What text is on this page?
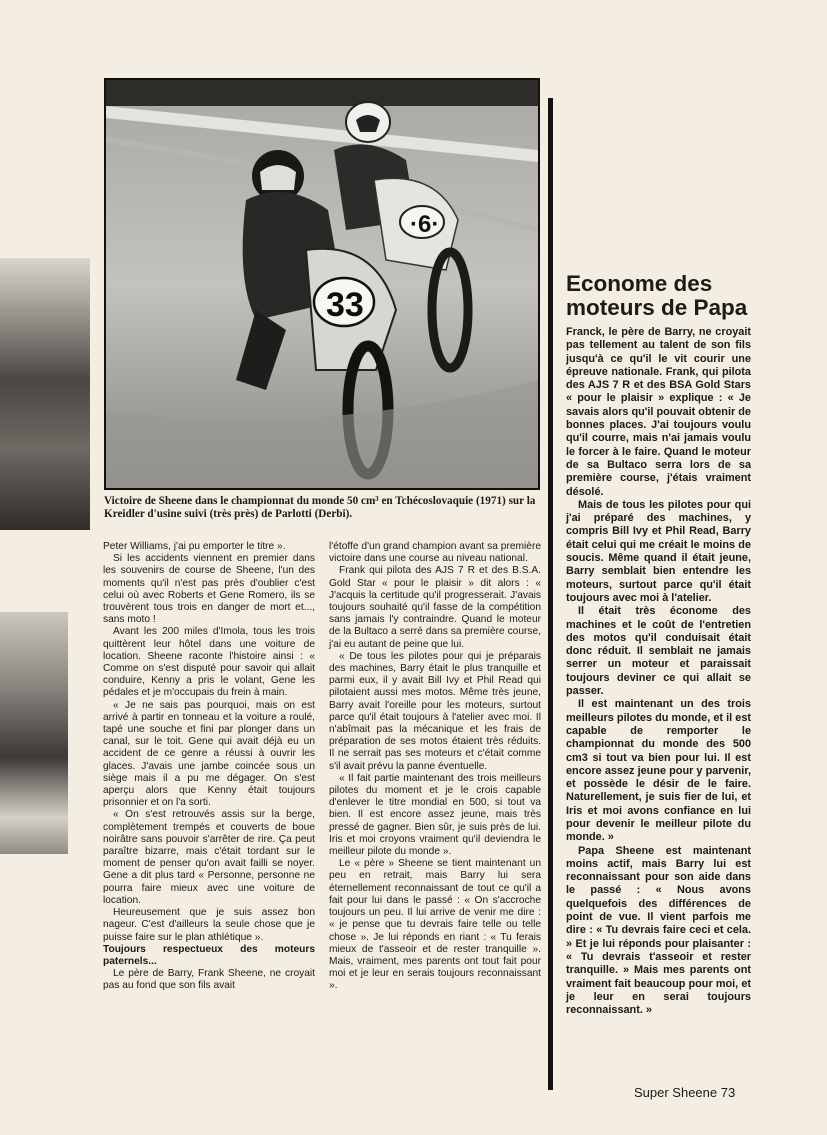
·6·
33

Victoire de Sheene dans le championnat du monde 50 cm³ en Tchécoslovaquie (1971) sur la Kreidler d'usine suivi (très près) de Parlotti (Derbi).

Peter Williams, j'ai pu emporter le titre ».

Si les accidents viennent en premier dans les souvenirs de course de Sheene, l'un des moments qu'il n'est pas près d'oublier c'est celui où avec Roberts et Gene Romero, ils se trouvèrent tous trois en danger de mort et..., sans moto !

Avant les 200 miles d'Imola, tous les trois quittèrent leur hôtel dans une voiture de location. Sheene raconte l'histoire ainsi : « Comme on s'est disputé pour savoir qui allait conduire, Kenny a pris le volant, Gene les pédales et je m'occupais du frein à main.

« Je ne sais pas pourquoi, mais on est arrivé à partir en tonneau et la voiture a roulé, tapé une souche et fini par plonger dans un canal, sur le toit. Gene qui avait déjà eu un accident de ce genre a réussi à ouvrir les glaces. J'avais une jambe coincée sous un siège mais il a pu me dégager. On s'est aperçu alors que Kenny était toujours prisonnier et on l'a sorti.

« On s'est retrouvés assis sur la berge, complètement trempés et couverts de boue noirâtre sans pouvoir s'arrêter de rire. Ça peut paraître bizarre, mais c'était tordant sur le moment de penser qu'on avait failli se noyer. Gene a dit plus tard « Personne, personne ne pourra faire mieux avec une voiture de location.

Heureusement que je suis assez bon nageur. C'est d'ailleurs la seule chose que je puisse faire sur le plan athlétique ».

Toujours respectueux des moteurs paternels...

Le père de Barry, Frank Sheene, ne croyait pas au fond que son fils avait

l'étoffe d'un grand champion avant sa première victoire dans une course au niveau national.

Frank qui pilota des AJS 7 R et des B.S.A. Gold Star « pour le plaisir » dit alors : « J'acquis la certitude qu'il progresserait. J'avais toujours souhaité qu'il fasse de la compétition sans jamais l'y contraindre. Quand le moteur de la Bultaco a serré dans sa première course, j'ai eu autant de peine que lui.

« De tous les pilotes pour qui je préparais des machines, Barry était le plus tranquille et parmi eux, il y avait Bill Ivy et Phil Read qui pilotaient aussi mes motos. Même très jeune, Barry avait l'oreille pour les moteurs, surtout parce qu'il était toujours à l'atelier avec moi. Il n'abîmait pas la mécanique et les frais de préparation de ses motos étaient très réduits. Il ne serrait pas ses moteurs et c'était comme s'il avait prévu la panne éventuelle.

« Il fait partie maintenant des trois meilleurs pilotes du moment et je le crois capable d'enlever le titre mondial en 500, si tout va bien. Il est encore assez jeune, mais très pressé de gagner. Bien sûr, je suis près de lui. Iris et moi croyons vraiment qu'il deviendra le meilleur pilote du monde ».

Le « père » Sheene se tient maintenant un peu en retrait, mais Barry lui sera éternellement reconnaissant de tout ce qu'il a fait pour lui dans le passé : « On s'accroche toujours un peu. Il lui arrive de venir me dire : « je pense que tu devrais faire telle ou telle chose ». Je lui réponds en riant : « Tu ferais mieux de t'asseoir et de rester tranquille ». Mais, vraiment, mes parents ont tout fait pour moi et je leur en serais toujours reconnaissant ».

Econome des moteurs de Papa

Franck, le père de Barry, ne croyait pas tellement au talent de son fils jusqu'à ce qu'il le vit courir une épreuve nationale. Frank, qui pilota des AJS 7 R et des BSA Gold Stars « pour le plaisir » explique : « Je savais alors qu'il pouvait obtenir de bonnes places. J'ai toujours voulu qu'il courre, mais n'ai jamais voulu le forcer à le faire. Quand le moteur de sa Bultaco serra lors de sa première course, j'étais vraiment désolé.

Mais de tous les pilotes pour qui j'ai préparé des machines, y compris Bill Ivy et Phil Read, Barry était celui qui me créait le moins de soucis. Même quand il était jeune, Barry semblait bien entendre les moteurs, surtout parce qu'il était toujours avec moi à l'atelier.

Il était très économe des machines et le coût de l'entretien des motos qu'il conduisait était donc réduit. Il semblait ne jamais serrer un moteur et paraissait toujours deviner ce qui allait se passer.

Il est maintenant un des trois meilleurs pilotes du monde, et il est capable de remporter le championnat du monde des 500 cm3 si tout va bien pour lui. Il est encore assez jeune pour y parvenir, et possède le désir de le faire. Naturellement, je suis fier de lui, et Iris et moi avons confiance en lui pour devenir le meilleur pilote du monde. »

Papa Sheene est maintenant moins actif, mais Barry lui est reconnaissant pour son aide dans le passé : « Nous avons quelquefois des différences de point de vue. Il vient parfois me dire : « Tu devrais faire ceci et cela. » Et je lui réponds pour plaisanter : « Tu devrais t'asseoir et rester tranquille. » Mais mes parents ont vraiment fait beaucoup pour moi, et je leur en serai toujours reconnaissant. »

Super Sheene 73
